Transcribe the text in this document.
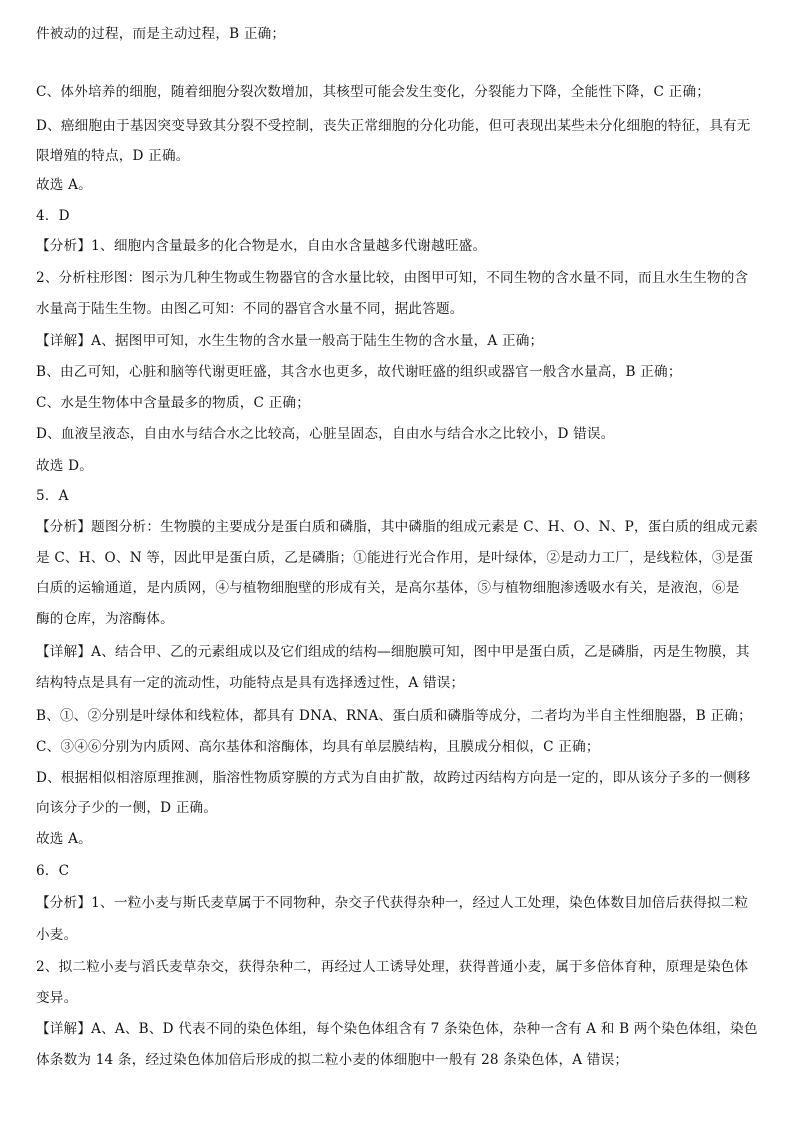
件被动的过程，而是主动过程，B 正确；
C、体外培养的细胞，随着细胞分裂次数增加，其核型可能会发生变化，分裂能力下降，全能性下降，C 正确；
D、癌细胞由于基因突变导致其分裂不受控制，丧失正常细胞的分化功能，但可表现出某些未分化细胞的特征，具有无
限增殖的特点，D 正确。
故选 A。
4．D
【分析】1、细胞内含量最多的化合物是水，自由水含量越多代谢越旺盛。
2、分析柱形图：图示为几种生物或生物器官的含水量比较，由图甲可知，不同生物的含水量不同，而且水生生物的含
水量高于陆生生物。由图乙可知：不同的器官含水量不同，据此答题。
【详解】A、据图甲可知，水生生物的含水量一般高于陆生生物的含水量，A 正确；
B、由乙可知，心脏和脑等代谢更旺盛，其含水也更多，故代谢旺盛的组织或器官一般含水量高，B 正确；
C、水是生物体中含量最多的物质，C 正确；
D、血液呈液态，自由水与结合水之比较高，心脏呈固态，自由水与结合水之比较小，D 错误。
故选 D。
5．A
【分析】题图分析：生物膜的主要成分是蛋白质和磷脂，其中磷脂的组成元素是 C、H、O、N、P，蛋白质的组成元素
是 C、H、O、N 等，因此甲是蛋白质，乙是磷脂；①能进行光合作用，是叶绿体，②是动力工厂，是线粒体，③是蛋
白质的运输通道，是内质网，④与植物细胞壁的形成有关，是高尔基体，⑤与植物细胞渗透吸水有关，是液泡，⑥是
酶的仓库，为溶酶体。
【详解】A、结合甲、乙的元素组成以及它们组成的结构—细胞膜可知，图中甲是蛋白质，乙是磷脂，丙是生物膜，其
结构特点是具有一定的流动性，功能特点是具有选择透过性，A 错误；
B、①、②分别是叶绿体和线粒体，都具有 DNA、RNA、蛋白质和磷脂等成分，二者均为半自主性细胞器，B 正确；
C、③④⑥分别为内质网、高尔基体和溶酶体，均具有单层膜结构，且膜成分相似，C 正确；
D、根据相似相溶原理推测，脂溶性物质穿膜的方式为自由扩散，故跨过丙结构方向是一定的，即从该分子多的一侧移
向该分子少的一侧，D 正确。
故选 A。
6．C
【分析】1、一粒小麦与斯氏麦草属于不同物种，杂交子代获得杂种一，经过人工处理，染色体数目加倍后获得拟二粒
小麦。
2、拟二粒小麦与滔氏麦草杂交，获得杂种二，再经过人工诱导处理，获得普通小麦，属于多倍体育种，原理是染色体
变异。
【详解】A、A、B、D 代表不同的染色体组，每个染色体组含有 7 条染色体，杂种一含有 A 和 B 两个染色体组，染色
体条数为 14 条，经过染色体加倍后形成的拟二粒小麦的体细胞中一般有 28 条染色体，A 错误；
